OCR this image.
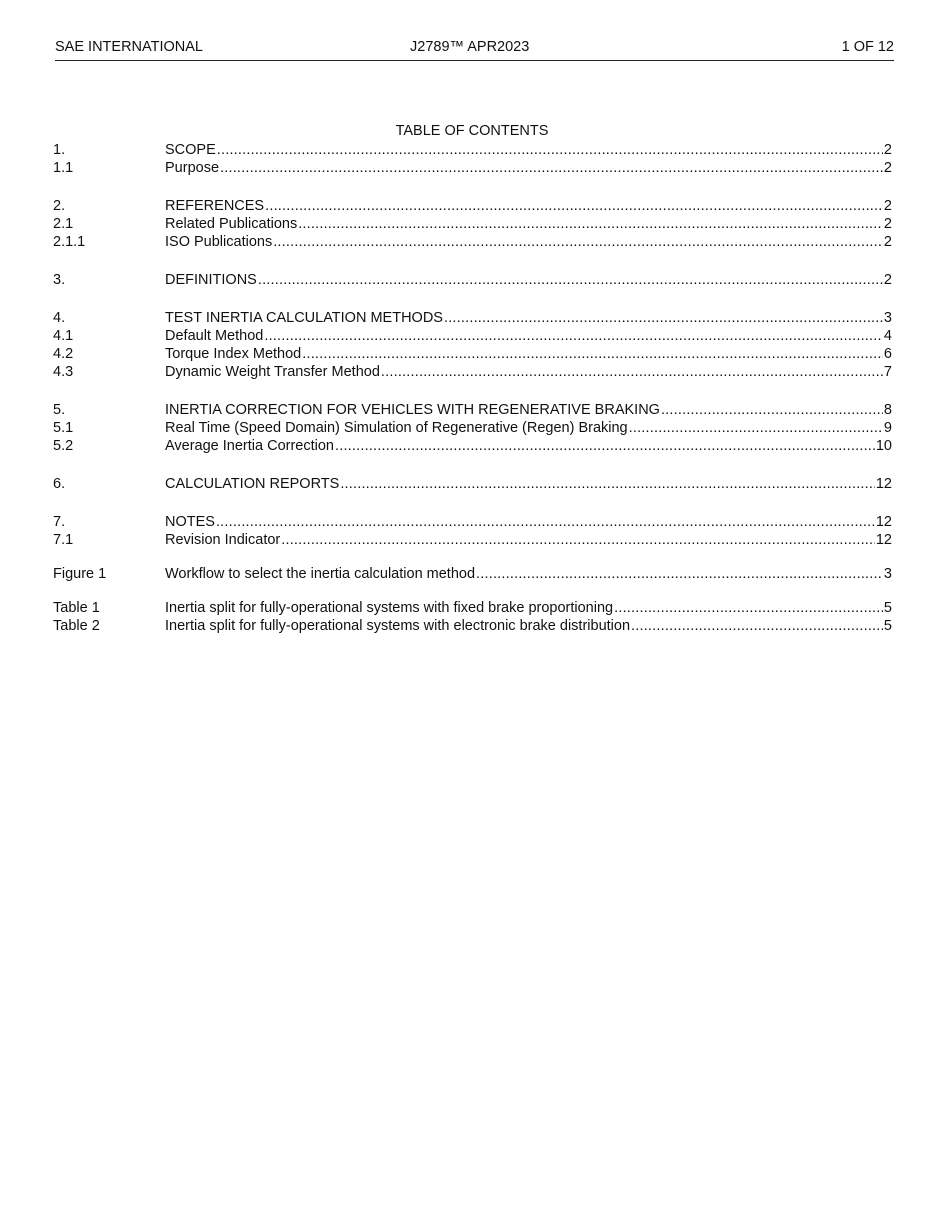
SAE INTERNATIONAL	J2789™ APR2023	1 OF 12
TABLE OF CONTENTS
1.	SCOPE .....	2
1.1	Purpose .....	2
2.	REFERENCES .....	2
2.1	Related Publications .....	2
2.1.1	ISO Publications .....	2
3.	DEFINITIONS .....	2
4.	TEST INERTIA CALCULATION METHODS .....	3
4.1	Default Method .....	4
4.2	Torque Index Method .....	6
4.3	Dynamic Weight Transfer Method .....	7
5.	INERTIA CORRECTION FOR VEHICLES WITH REGENERATIVE BRAKING .....	8
5.1	Real Time (Speed Domain) Simulation of Regenerative (Regen) Braking .....	9
5.2	Average Inertia Correction .....	10
6.	CALCULATION REPORTS .....	12
7.	NOTES .....	12
7.1	Revision Indicator .....	12
Figure 1	Workflow to select the inertia calculation method .....	3
Table 1	Inertia split for fully-operational systems with fixed brake proportioning .....	5
Table 2	Inertia split for fully-operational systems with electronic brake distribution .....	5
